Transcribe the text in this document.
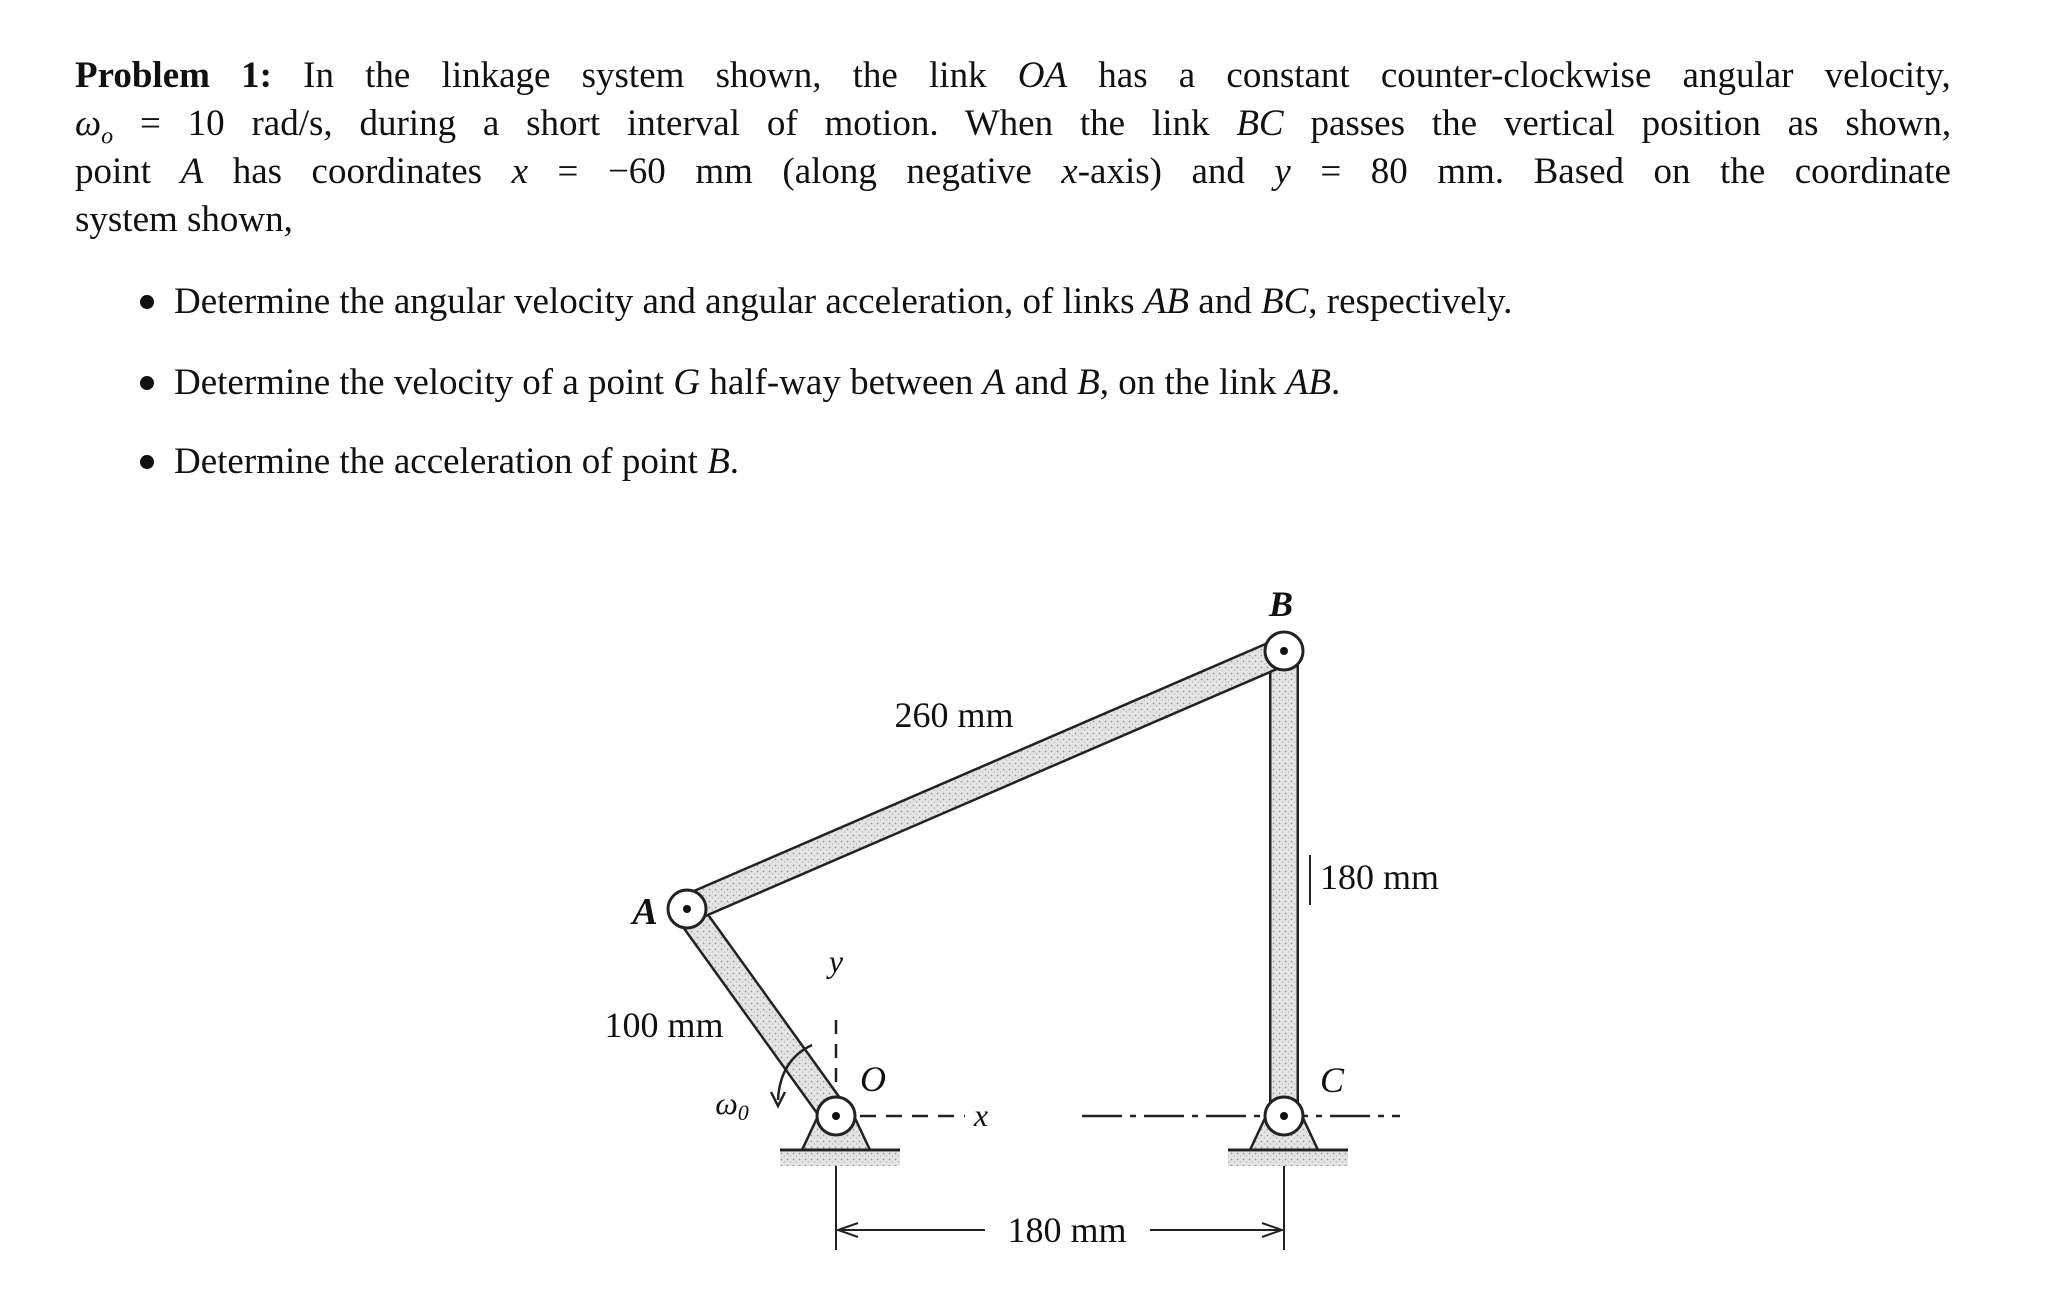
Problem 1: In the linkage system shown, the link OA has a constant counter-clockwise angular velocity,
$\omega_o = 10$ rad/s, during a short interval of motion. When the link BC passes the vertical position as shown,
point A has coordinates x = −60 mm (along negative x-axis) and y = 80 mm. Based on the coordinate
system shown,
Determine the angular velocity and angular acceleration, of links AB and BC, respectively.
Determine the velocity of a point G half-way between A and B, on the link AB.
Determine the acceleration of point B.
B
260 mm
180 mm
A
y
100 mm
O
ω0	x
C
180 mm
